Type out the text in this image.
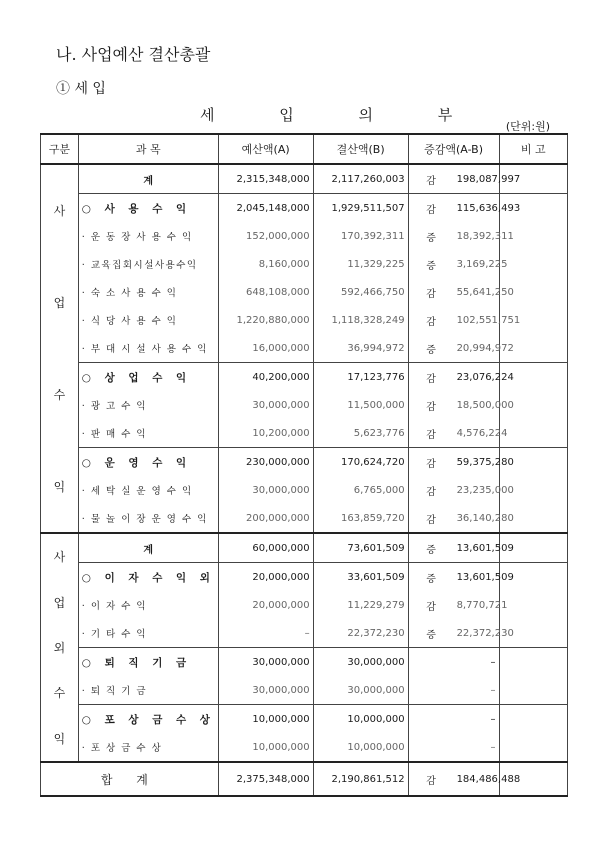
나. 사업예산 결산총괄
① 세 입
세 입 의 부
(단위:원)
구분	과 목	예산액(A)	결산액(B)	증감액(A-B)		비 고

사
업
수
익	계	2,315,348,000	2,117,260,003	감	198,087,997	
	○ 사 용 수 익	2,045,148,000	1,929,511,507	감	115,636,493	
	· 운 동 장 사 용 수 익	152,000,000	170,392,311	증	18,392,311	
	· 교육집회시설사용수익	8,160,000	11,329,225	증	3,169,225	
	· 숙 소 사 용 수 익	648,108,000	592,466,750	감	55,641,250	
	· 식 당 사 용 수 익	1,220,880,000	1,118,328,249	감	102,551,751	
	· 부 대 시 설 사 용 수 익	16,000,000	36,994,972	증	20,994,972	
	○ 상 업 수 익	40,200,000	17,123,776	감	23,076,224	
	· 광 고 수 익	30,000,000	11,500,000	감	18,500,000	
	· 판 매 수 익	10,200,000	5,623,776	감	4,576,224	
	○ 운 영 수 익	230,000,000	170,624,720	감	59,375,280	
	· 세 탁 실 운 영 수 익	30,000,000	6,765,000	감	23,235,000	
	· 물 놀 이 장 운 영 수 익	200,000,000	163,859,720	감	36,140,280	

사
업
외
수
익	계	60,000,000	73,601,509	증	13,601,509	
	○ 이 자 수 익 외	20,000,000	33,601,509	증	13,601,509	
	· 이 자 수 익	20,000,000	11,229,279	감	8,770,721	
	· 기 타 수 익	–	22,372,230	증	22,372,230	
	○ 퇴 직 기 금	30,000,000	30,000,000		–	
	· 퇴 직 기 금	30,000,000	30,000,000		–	
	○ 포 상 금 수 상	10,000,000	10,000,000		–	
	· 포 상 금 수 상	10,000,000	10,000,000		–	
합 계		2,375,348,000	2,190,861,512	감	184,486,488	
